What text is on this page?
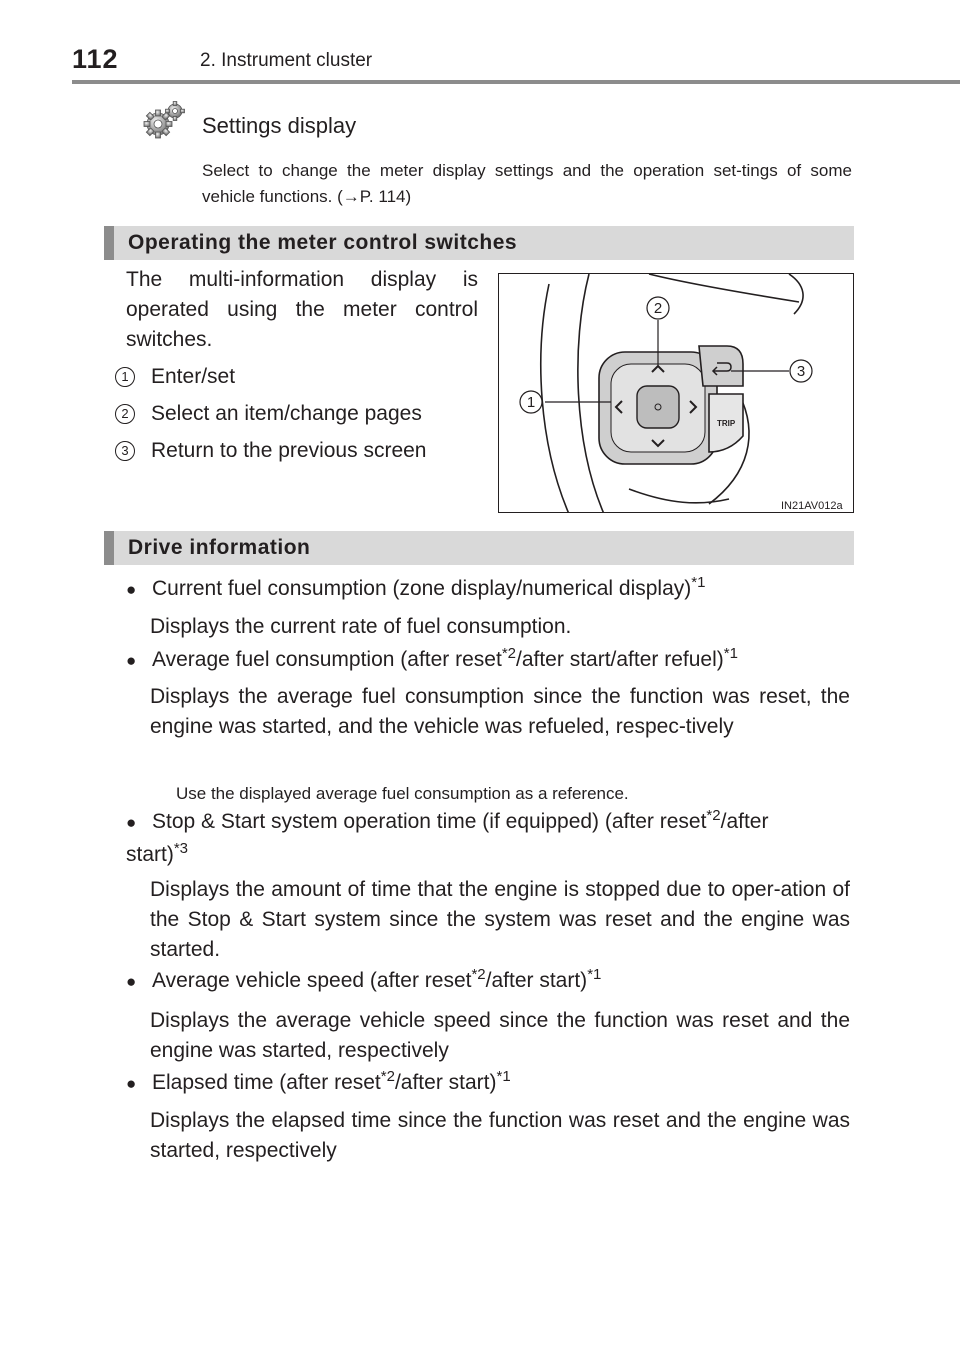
112	2. Instrument cluster
Settings display
Select to change the meter display settings and the operation set-tings of some vehicle functions. (→P. 114)
Operating the meter control switches
The multi-information display is operated using the meter control switches.
1	Enter/set
2	Select an item/change pages
3	Return to the previous screen
TRIP
2
1
3
IN21AV012a
Drive information
● Current fuel consumption (zone display/numerical display)$^{*1}$
Displays the current rate of fuel consumption.
● Average fuel consumption (after reset$^{*2}$/after start/after refuel)$^{*1}$
Displays the average fuel consumption since the function was reset, the engine was started, and the vehicle was refueled, respec-tively
Use the displayed average fuel consumption as a reference.
● Stop & Start system operation time (if equipped) (after reset$^{*2}$/after
start)$^{*3}$
Displays the amount of time that the engine is stopped due to oper-ation of the Stop & Start system since the system was reset and the engine was started.
● Average vehicle speed (after reset$^{*2}$/after start)$^{*1}$
Displays the average vehicle speed since the function was reset and the engine was started, respectively
● Elapsed time (after reset$^{*2}$/after start)$^{*1}$
Displays the elapsed time since the function was reset and the engine was started, respectively
